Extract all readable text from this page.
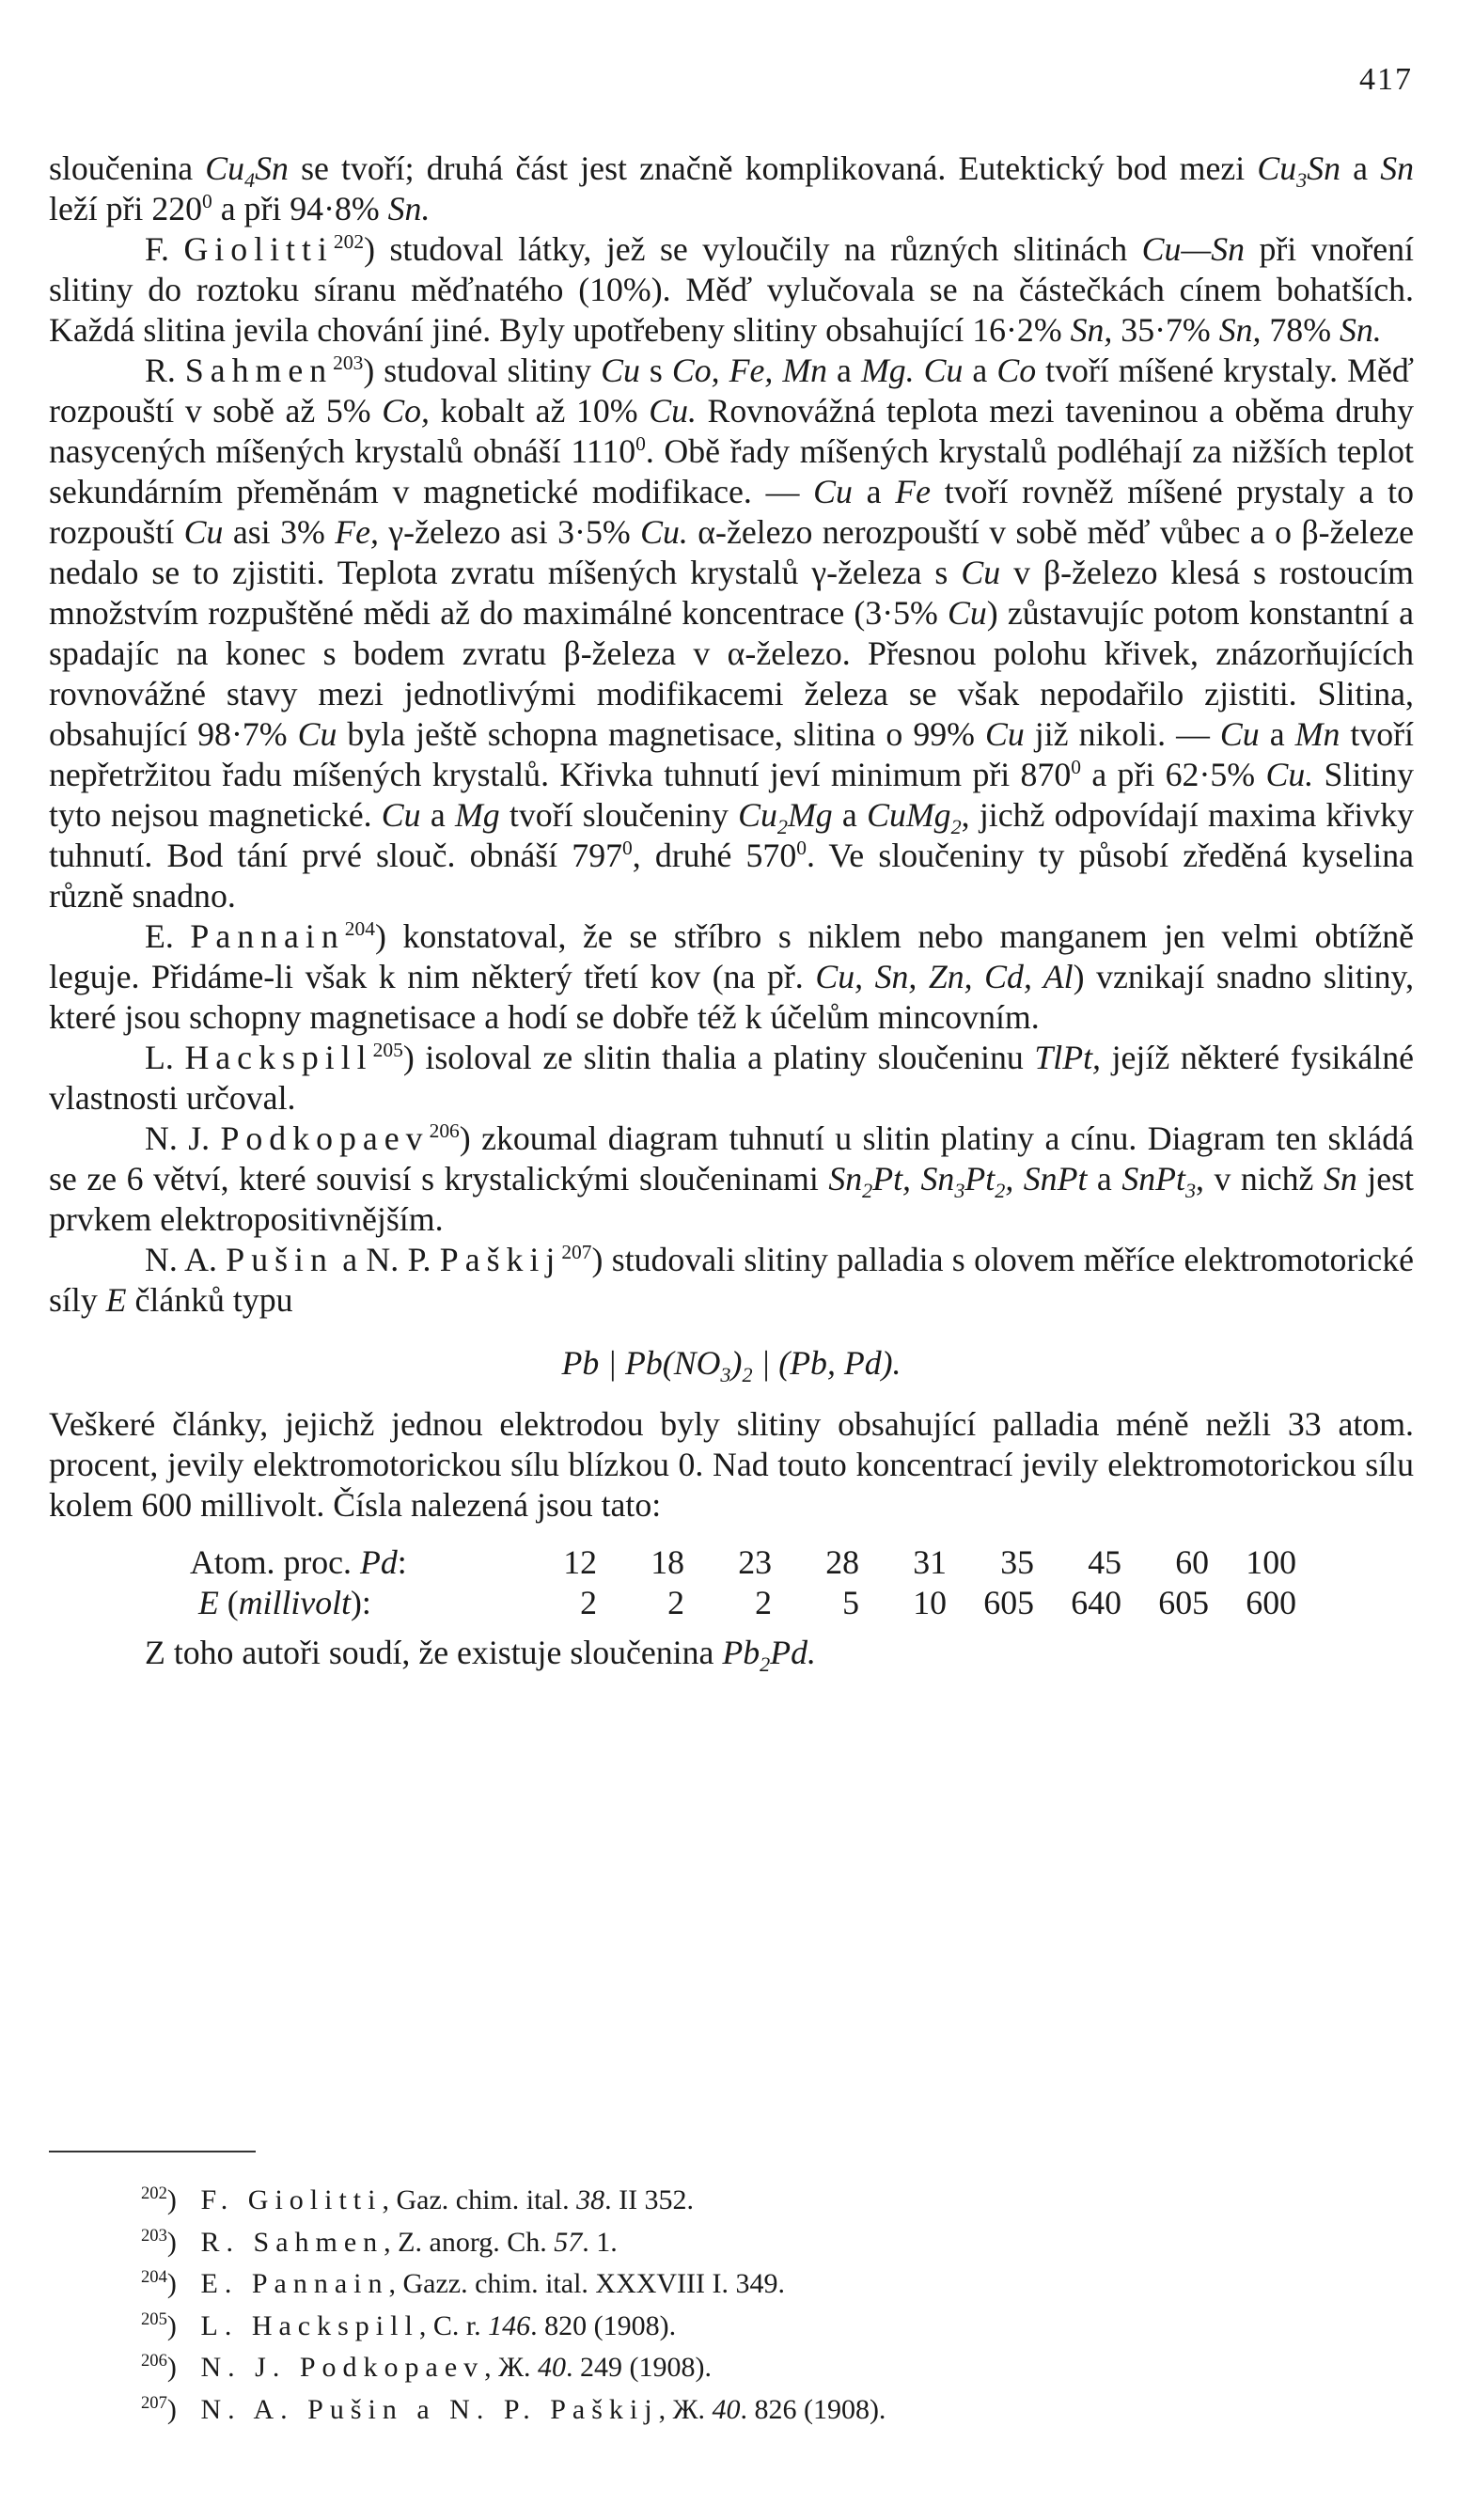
417

sloučenina $Cu_4Sn$ se tvoří; druhá část jest značně komplikovaná. Eutektický bod mezi $Cu_3Sn$ a Sn leží při $220^0$ a při 94·8% Sn.

F. Giolitti$^{202}$) studoval látky, jež se vyloučily na různých slitinách Cu—Sn při vnoření slitiny do roztoku síranu měďnatého (10%). Měď vylučovala se na částečkách cínem bohatších. Každá slitina jevila chování jiné. Byly upotřebeny slitiny obsahující 16·2% Sn, 35·7% Sn, 78% Sn.

R. Sahmen$^{203}$) studoval slitiny Cu s Co, Fe, Mn a Mg. Cu a Co tvoří míšené krystaly. Měď rozpouští v sobě až 5% Co, kobalt až 10% Cu. Rovnovážná teplota mezi taveninou a oběma druhy nasycených míšených krystalů obnáší 1110$^0$. Obě řady míšených krystalů podléhají za nižších teplot sekundárním přeměnám v magnetické modifikace. — Cu a Fe tvoří rovněž míšené prystaly a to rozpouští Cu asi 3% Fe, γ-železo asi 3·5% Cu. α-železo nerozpouští v sobě měď vůbec a o β-železe nedalo se to zjistiti. Teplota zvratu míšených krystalů γ-železa s Cu v β-železo klesá s rostoucím množstvím rozpuštěné mědi až do maximálné koncentrace (3·5% Cu) zůstavujíc potom konstantní a spadajíc na konec s bodem zvratu β-železa v α-železo. Přesnou polohu křivek, znázorňujících rovnovážné stavy mezi jednotlivými modifikacemi železa se však nepodařilo zjistiti. Slitina, obsahující 98·7% Cu byla ještě schopna magnetisace, slitina o 99% Cu již nikoli. — Cu a Mn tvoří nepřetržitou řadu míšených krystalů. Křivka tuhnutí jeví minimum při $870^0$ a při 62·5% Cu. Slitiny tyto nejsou magnetické. Cu a Mg tvoří sloučeniny $Cu_2Mg$ a CuMg$_2$, jichž odpovídají maxima křivky tuhnutí. Bod tání prvé slouč. obnáší $797^0$, druhé $570^0$. Ve sloučeniny ty působí zředěná kyselina různě snadno.

E. Pannain$^{204}$) konstatoval, že se stříbro s niklem nebo manganem jen velmi obtížně leguje. Přidáme-li však k nim některý třetí kov (na př. Cu, Sn, Zn, Cd, Al) vznikají snadno slitiny, které jsou schopny magnetisace a hodí se dobře též k účelům mincovním.

L. Hackspill$^{205}$) isoloval ze slitin thalia a platiny sloučeninu TlPt, jejíž některé fysikálné vlastnosti určoval.

N. J. Podkopaev$^{206}$) zkoumal diagram tuhnutí u slitin platiny a cínu. Diagram ten skládá se ze 6 větví, které souvisí s krystalickými sloučeninami $Sn_2Pt$, $Sn_3Pt_2$, SnPt a SnPt$_3$, v nichž Sn jest prvkem elektropositivnějším.

N. A. Pušin a N. P. Paškij$^{207}$) studovali slitiny palladia s olovem měříce elektromotorické síly E článků typu

Pb | $Pb(NO_3)_2$ | (Pb, Pd).

Veškeré články, jejichž jednou elektrodou byly slitiny obsahující palladia méně nežli 33 atom. procent, jevily elektromotorickou sílu blízkou 0. Nad touto koncentrací jevily elektromotorickou sílu kolem 600 millivolt. Čísla nalezená jsou tato:

Atom. proc. Pd:	12	18	23	28	31	35	45	60	100
E (millivolt):	2	2	2	5	10	605	640	605	600

Z toho autoři soudí, že existuje sloučenina $Pb_2Pd$.

$^{202}$) F. Giolitti, Gaz. chim. ital. 38. II 352.
$^{203}$) R. Sahmen, Z. anorg. Ch. 57. 1.
$^{204}$) E. Pannain, Gazz. chim. ital. XXXVIII I. 349.
$^{205}$) L. Hackspill, C. r. 146. 820 (1908).
$^{206}$) N. J. Podkopaev, Ж. 40. 249 (1908).
$^{207}$) N. A. Pušin a N. P. Paškij, Ж. 40. 826 (1908).
